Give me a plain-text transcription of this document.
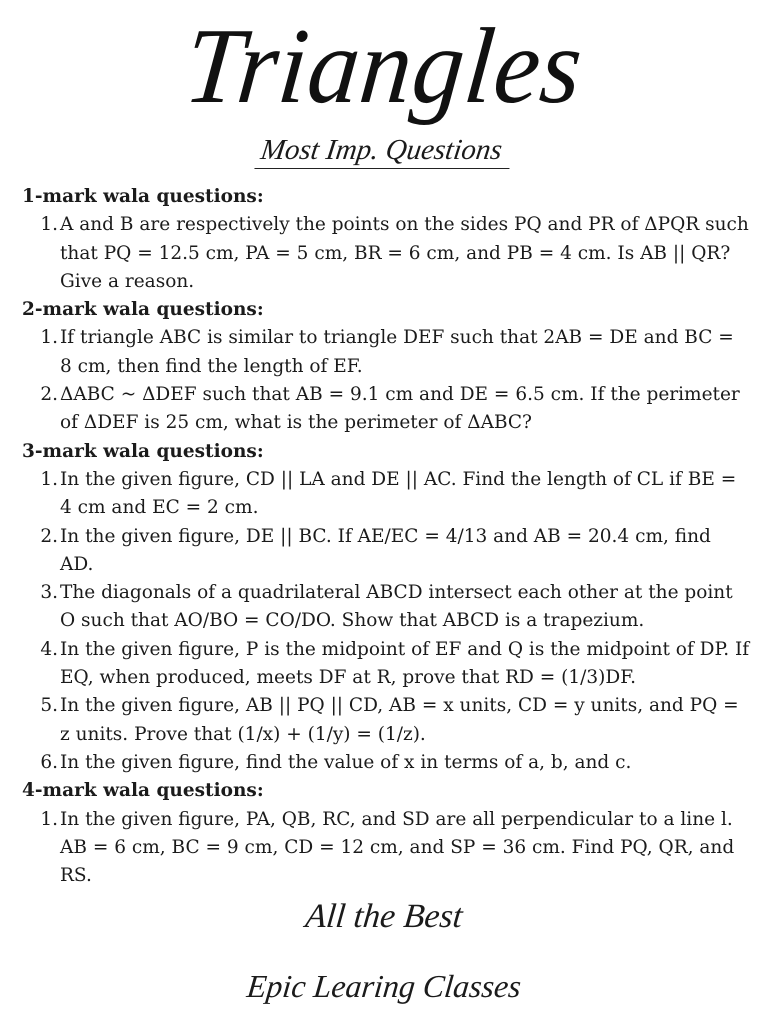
Triangles
Most Imp. Questions
1-mark wala questions:
1. A and B are respectively the points on the sides PQ and PR of ΔPQR such that PQ = 12.5 cm, PA = 5 cm, BR = 6 cm, and PB = 4 cm. Is AB || QR? Give a reason.
2-mark wala questions:
1. If triangle ABC is similar to triangle DEF such that 2AB = DE and BC = 8 cm, then find the length of EF.
2. ΔABC ~ ΔDEF such that AB = 9.1 cm and DE = 6.5 cm. If the perimeter of ΔDEF is 25 cm, what is the perimeter of ΔABC?
3-mark wala questions:
1. In the given figure, CD || LA and DE || AC. Find the length of CL if BE = 4 cm and EC = 2 cm.
2. In the given figure, DE || BC. If AE/EC = 4/13 and AB = 20.4 cm, find AD.
3. The diagonals of a quadrilateral ABCD intersect each other at the point O such that AO/BO = CO/DO. Show that ABCD is a trapezium.
4. In the given figure, P is the midpoint of EF and Q is the midpoint of DP. If EQ, when produced, meets DF at R, prove that RD = (1/3)DF.
5. In the given figure, AB || PQ || CD, AB = x units, CD = y units, and PQ = z units. Prove that (1/x) + (1/y) = (1/z).
6. In the given figure, find the value of x in terms of a, b, and c.
4-mark wala questions:
1. In the given figure, PA, QB, RC, and SD are all perpendicular to a line l. AB = 6 cm, BC = 9 cm, CD = 12 cm, and SP = 36 cm. Find PQ, QR, and RS.
All the Best
Epic Learing Classes
